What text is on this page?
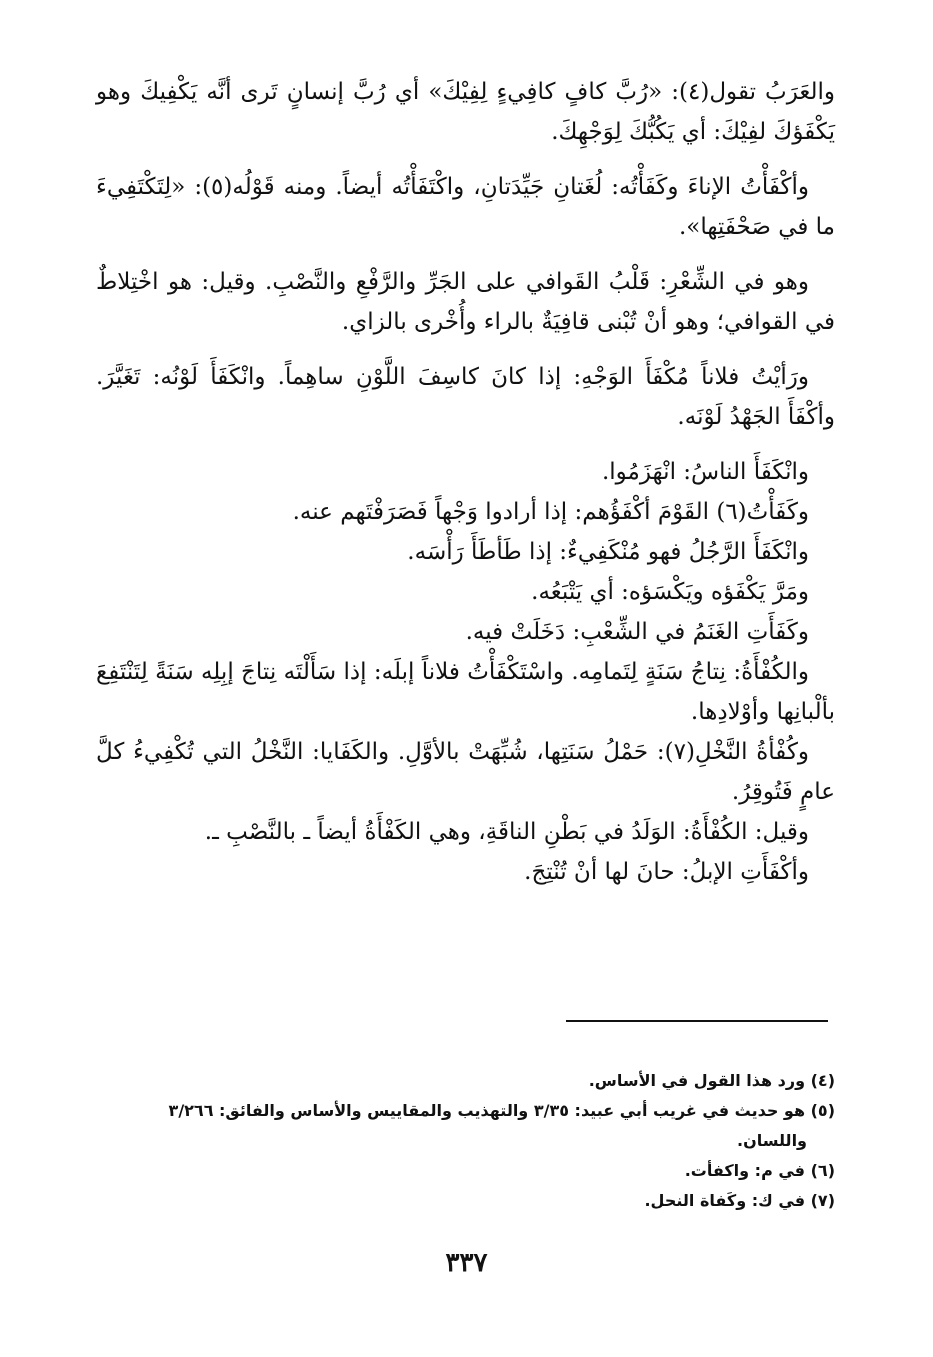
والعَرَبُ تقول(٤): «رُبَّ كافٍ كافِيءٍ لِفِيْكَ» أي رُبَّ إنسانٍ تَرى أنَّه يَكْفِيكَ وهو يَكْفَؤكَ لفِيْكَ: أي يَكُبُّكَ لِوَجْهِكَ.

وأكْفَأْتُ الإناءَ وكَفَأْتُه: لُغَتانِ جَيِّدَتانِ، واكْتَفَأْتُه أيضاً. ومنه قَوْلُه(٥): «لِتَكْتَفِيءَ ما في صَحْفَتِها».

وهو في الشِّعْرِ: قَلْبُ القَوافي على الجَرِّ والرَّفْعِ والنَّصْبِ. وقيل: هو اخْتِلاطٌ في القوافي؛ وهو أنْ تُبْنى قافِيَةٌ بالراء وأُخْرى بالزاي.

ورَأيْتُ فلاناً مُكْفَأَ الوَجْهِ: إذا كانَ كاسِفَ اللَّوْنِ ساهِماً. وانْكَفَأَ لَوْنُه: تَغَيَّرَ. وأكْفَأَ الجَهْدُ لَوْنَه.

وانْكَفَأَ الناسُ: انْهَزَمُوا.

وكَفَأْتُ(٦) القَوْمَ أكْفَؤُهم: إذا أرادوا وَجْهاً فَصَرَفْتَهم عنه.

وانْكَفَأَ الرَّجُلُ فهو مُنْكَفِيءٌ: إذا طَأطَأَ رَأْسَه.

ومَرَّ يَكْفَؤه ويَكْسَؤه: أي يَتْبَعُه.

وكَفَأَتِ الغَنَمُ في الشِّعْبِ: دَخَلَتْ فيه.

والكُفْأَةُ: نِتاجُ سَنَةٍ لِتَمامِه. واسْتَكْفَأْتُ فلاناً إبلَه: إذا سَأَلْتَه نِتاجَ إبِلِه سَنَةً لِتَنْتَفِعَ بألْبانِها وأوْلادِها.

وكُفْأةُ النَّخْلِ(٧): حَمْلُ سَنَتِها، شُبِّهَتْ بالأوَّلِ. والكَفَايا: النَّخْلُ التي تُكْفِيءُ كلَّ عامٍ فَتُوقِرُ.

وقيل: الكُفْأَةُ: الوَلَدُ في بَطْنِ الناقَةِ، وهي الكَفْأَةُ أيضاً ـ بالنَّصْبِ ـ.

وأكْفَأَتِ الإبلُ: حانَ لها أنْ تُنْتِجَ.

(٤) ورد هذا القول في الأساس.

(٥) هو حديث في غريب أبي عبيد: ٣/٣٥ والتهذيب والمقاييس والأساس والفائق: ٣/٢٦٦

واللسان.

(٦) في م: واكفأت.

(٧) في ك: وكَفاة النحل.

٣٣٧
